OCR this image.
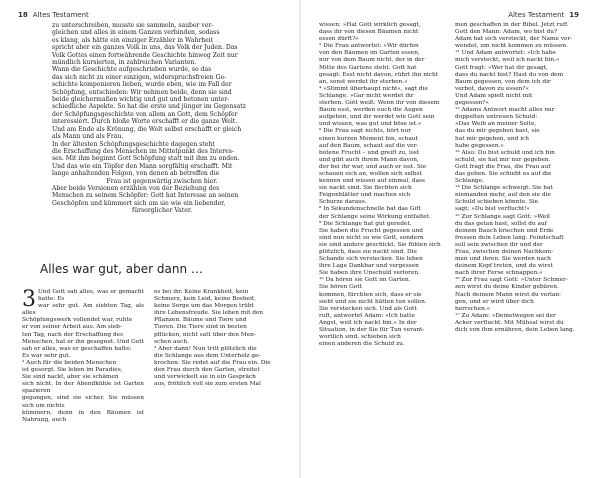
18 Altes Testament

zu unterschreiben, musste sie sammeln, sauber ver-

gleichen und alles in einem Ganzen verbinden, sodass

es klang, als hätte ein einziger Erzähler in Wahrheit

spricht aber ein ganzes Volk in uns, das Volk der Juden. Das

Volk Gottes einen fortwährende Geschichte hinweg Zeit nur

mündlich kursierten, in zahlreichen Varianten.

Wann die Geschichte aufgeschrieben wurde, so das

das sich nicht zu einer einzigen, widerspruchsfreien Ge-

schichte komponieren lieben, wurde eben, wie im Fall der

Schöpfung, entschieden: Wir nehmen beide, denn sie sind

beide gleichermaßen wichtig und gut und betonen unter-

schiedliche Aspekte. So hat die erste und jünger im Gegensatz

der Schöpfungsgeschichte von allem an Gott, dem Schöpfer

interessiert. Durch bloße Worte erschafft er die ganze Welt.

Und am Ende als Krönung, die Welt selbst erschafft er gleich

als Mann und als Frau.

In der ältesten Schöpfungsgeschichte dagegen steht

die Erschaffung des Menschen im Mittelpunkt des Interes-

ses. Mit ihm beginnt Gott Schöpfung statt mit ihm zu enden.

Und das wie ein Töpfer den Mann sorgfältig erschafft. Mit

lange anhaltenden Folgen, von denen ab betreffen die

Frau ist gegenwärtig zwischen hier.

Aber beide Versionen erzählen von der Beziehung des

Menschen zu seinem Schöpfer: Gott hat Interesse an seinen

Geschöpfen und kümmert sich um sie wie ein liebender,

fürsorglicher Vater.

Alles war gut, aber dann …
3 Und Gott sah alles, was er gemacht hatte: Es

war sehr gut. Am siebten Tag, als alles

Schöpfungswerk vollendet war, ruhte

er von seiner Arbeit aus. Am sieb-

ten Tag, nach der Erschaffung des

Menschen, hat er ihn gesegnet. Und Gott

sah er alles, was er geschaffen hatte:

Es war sehr gut.

² Auch für die beiden Menschen

ist gesorgt. Sie leben im Paradies,

Sie sind nackt, aber sie schämen

sich nicht. In der Abendkühle ist Garten spazieren

gegangen, sind sie sicher. Sie müssen sich um nichts

kümmern, denn in den Bäumen ist Nahrung, auch

es bei ihr. Keine Krankheit, kein

Schmerz, kein Leid, keine Bosheit,

keine Sorge um das Morgen trübt

ihre Lebensfreude. Sie leben mit den

Pflanzen. Bäume und Tiere und

Tieren. Die Tiere sind in besten

pflücken, nicht satt über den Men-

schen auch.

³ Aber dann! Nun tritt plötzlich die

die Schlange aus dem Unterholz ge-

krochen. Sie redet auf die Frau ein. Die

den Frau durch den Garten, streitet

und verwickelt sie in ein Gespräch

aus, fröhlich voll sie zum ersten Mal

Altes Testament 19

wissen: »Hat Gott wirklich gesagt,

dass ihr von diesen Bäumen nicht

essen dürft?«

² Die Frau antwortet: »Wir dürfen

von den Bäumen im Garten essen,

nur von dem Baum nicht, der in der

Mitte des Gartens steht. Gott hat

gesagt: Esst nicht davon, rührt ihn nicht

an, sonst werdet ihr sterben.«

⁴ »Stimmt überhaupt nicht«, sagt die

Schlange. »Gar nicht werdet ihr

sterben. Gott weiß: Wenn ihr von diesem

Baum esst, werden euch die Augen

aufgehen, und ihr werdet wie Gott sein

und wissen, was gut und böse ist.«

⁶ Die Frau sagt nichts, hört nur

einen kurzen Moment hin, schaut

auf den Baum, schaut auf die ver-

botene Frucht – und greift zu, isst

und gibt auch ihrem Mann davon,

der bei ihr war, und auch er isst. Sie

schauen sich an, wollen sich selbst

kennen und wissen auf einmal, dass

sie nackt sind. Sie flechten sich

Feigenblätter und machen sich

Schurze daraus.

⁸ In Sekundenschnelle hat das Gift

der Schlange seine Wirkung entfaltet.

⁹ Die Schlange hat gut geredet.

Sie haben die Frucht gegessen und

sind nun nicht so wie Gott, sondern

sie sind andere geschickt. Sie fühlen sich

plötzlich, dass sie nackt sind. Die

Schande sich verstecken. Sie leben

ihre Lage Dankbar und vergessen

Sie haben ihre Unschuld verloren.

¹⁰ Da hören sie Gott im Garten.

Sie hören Gott

kommen, fürchten sich, dass er sie

sieht und sie nicht hätten tun sollen.

Sie verstecken sich. Und als Gott

ruft, antwortet Adam: »Ich hatte

Angst, weil ich nackt bin.« In der

Situation, in der Sie für Tun verant-

wortlich sind, schieben sich

einen anderen die Schuld zu.

men geschaffen in der Bibel. Jetzt ruft

Gott den Mann: Adam, wo bist du?

Adam hat sich versteckt, der Name ver-

wendet, um nicht kommen zu müssen.

¹¹ Und Adam antwortet: »Ich habe

mich versteckt, weil ich nackt bin.«

Gott fragt: »Wer hat dir gesagt,

dass du nackt bist? Hast du von dem

Baum gegessen, von dem ich dir

verbot, davon zu essen?«

Und Adam spielt nicht mit

gegessen?«

¹² Adams Antwort macht alles nur

doppelten untreuen Schuld:

»Das Weib an meiner Seite,

das du mir gegeben hast, sie

hat mir gegeben, und ich

habe gegessen.«

¹³ Also: Du bist schuld und ich bin

schuld, sie hat mir nur gegeben.

Gott fragt die Frau, die Frau auf

das geben. Sie schiebt es auf die

Schlange.

¹⁴ Die Schlange schweigt. Sie hat

niemanden mehr, auf den sie die

Schuld schieben könnte. Sie

sagt: »Du bist verflucht!«

¹⁵ Zur Schlange sagt Gott: »Weil

du das getan hast, sollst du auf

deinem Bauch kriechen und Erde

fressen dein Leben lang. Feindschaft

soll sein zwischen dir und der

Frau, zwischen deinen Nachkom-

men und ihren. Sie werden nach

deinem Kopf treten, und du wirst

nach ihrer Ferse schnappen.«

¹⁶ Zur Frau sagt Gott: »Unter Schmer-

zen wirst du deine Kinder gebären.

Nach deinem Mann wirst du verlan-

gen, und er wird über dich

herrschen.«

¹⁷ Zu Adam: »Deinetwegen sei der

Acker verflucht. Mit Mühsal wirst du

dich von ihm ernähren, dein Leben lang.
